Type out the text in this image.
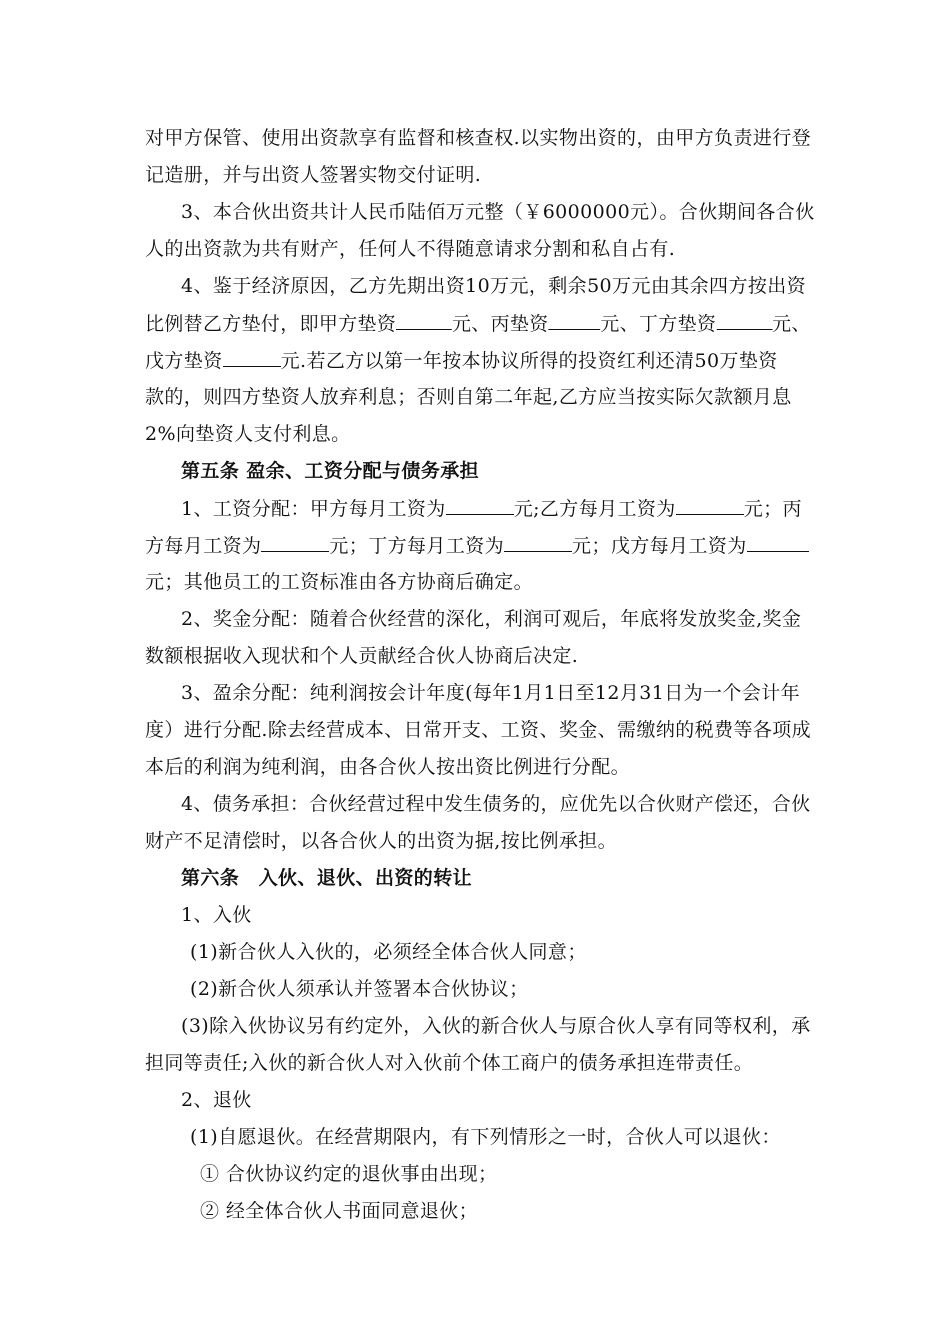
对甲方保管、使用出资款享有监督和核查权.以实物出资的，由甲方负责进行登
记造册，并与出资人签署实物交付证明.
3、本合伙出资共计人民币陆佰万元整（￥6000000元）。合伙期间各合伙
人的出资款为共有财产，任何人不得随意请求分割和私自占有.
4、鉴于经济原因，乙方先期出资10万元，剩余50万元由其余四方按出资
比例替乙方垫付，即甲方垫资	元、丙垫资	元、丁方垫资	元、
戊方垫资	元.若乙方以第一年按本协议所得的投资红利还清50万垫资
款的，则四方垫资人放弃利息；否则自第二年起,乙方应当按实际欠款额月息
2%向垫资人支付利息。
第五条 盈余、工资分配与债务承担
1、工资分配：甲方每月工资为	元;乙方每月工资为	元；丙
方每月工资为	元；丁方每月工资为	元；戊方每月工资为
元；其他员工的工资标准由各方协商后确定。
2、奖金分配：随着合伙经营的深化，利润可观后，年底将发放奖金,奖金
数额根据收入现状和个人贡献经合伙人协商后决定.
3、盈余分配：纯利润按会计年度(每年1月1日至12月31日为一个会计年
度）进行分配.除去经营成本、日常开支、工资、奖金、需缴纳的税费等各项成
本后的利润为纯利润，由各合伙人按出资比例进行分配。
4、债务承担：合伙经营过程中发生债务的，应优先以合伙财产偿还，合伙
财产不足清偿时，以各合伙人的出资为据,按比例承担。
第六条　入伙、退伙、出资的转让
1、入伙
(1)新合伙人入伙的，必须经全体合伙人同意；
(2)新合伙人须承认并签署本合伙协议；
(3)除入伙协议另有约定外，入伙的新合伙人与原合伙人享有同等权利，承
担同等责任;入伙的新合伙人对入伙前个体工商户的债务承担连带责任。
2、退伙
(1)自愿退伙。在经营期限内，有下列情形之一时，合伙人可以退伙：
① 合伙协议约定的退伙事由出现；
② 经全体合伙人书面同意退伙；
